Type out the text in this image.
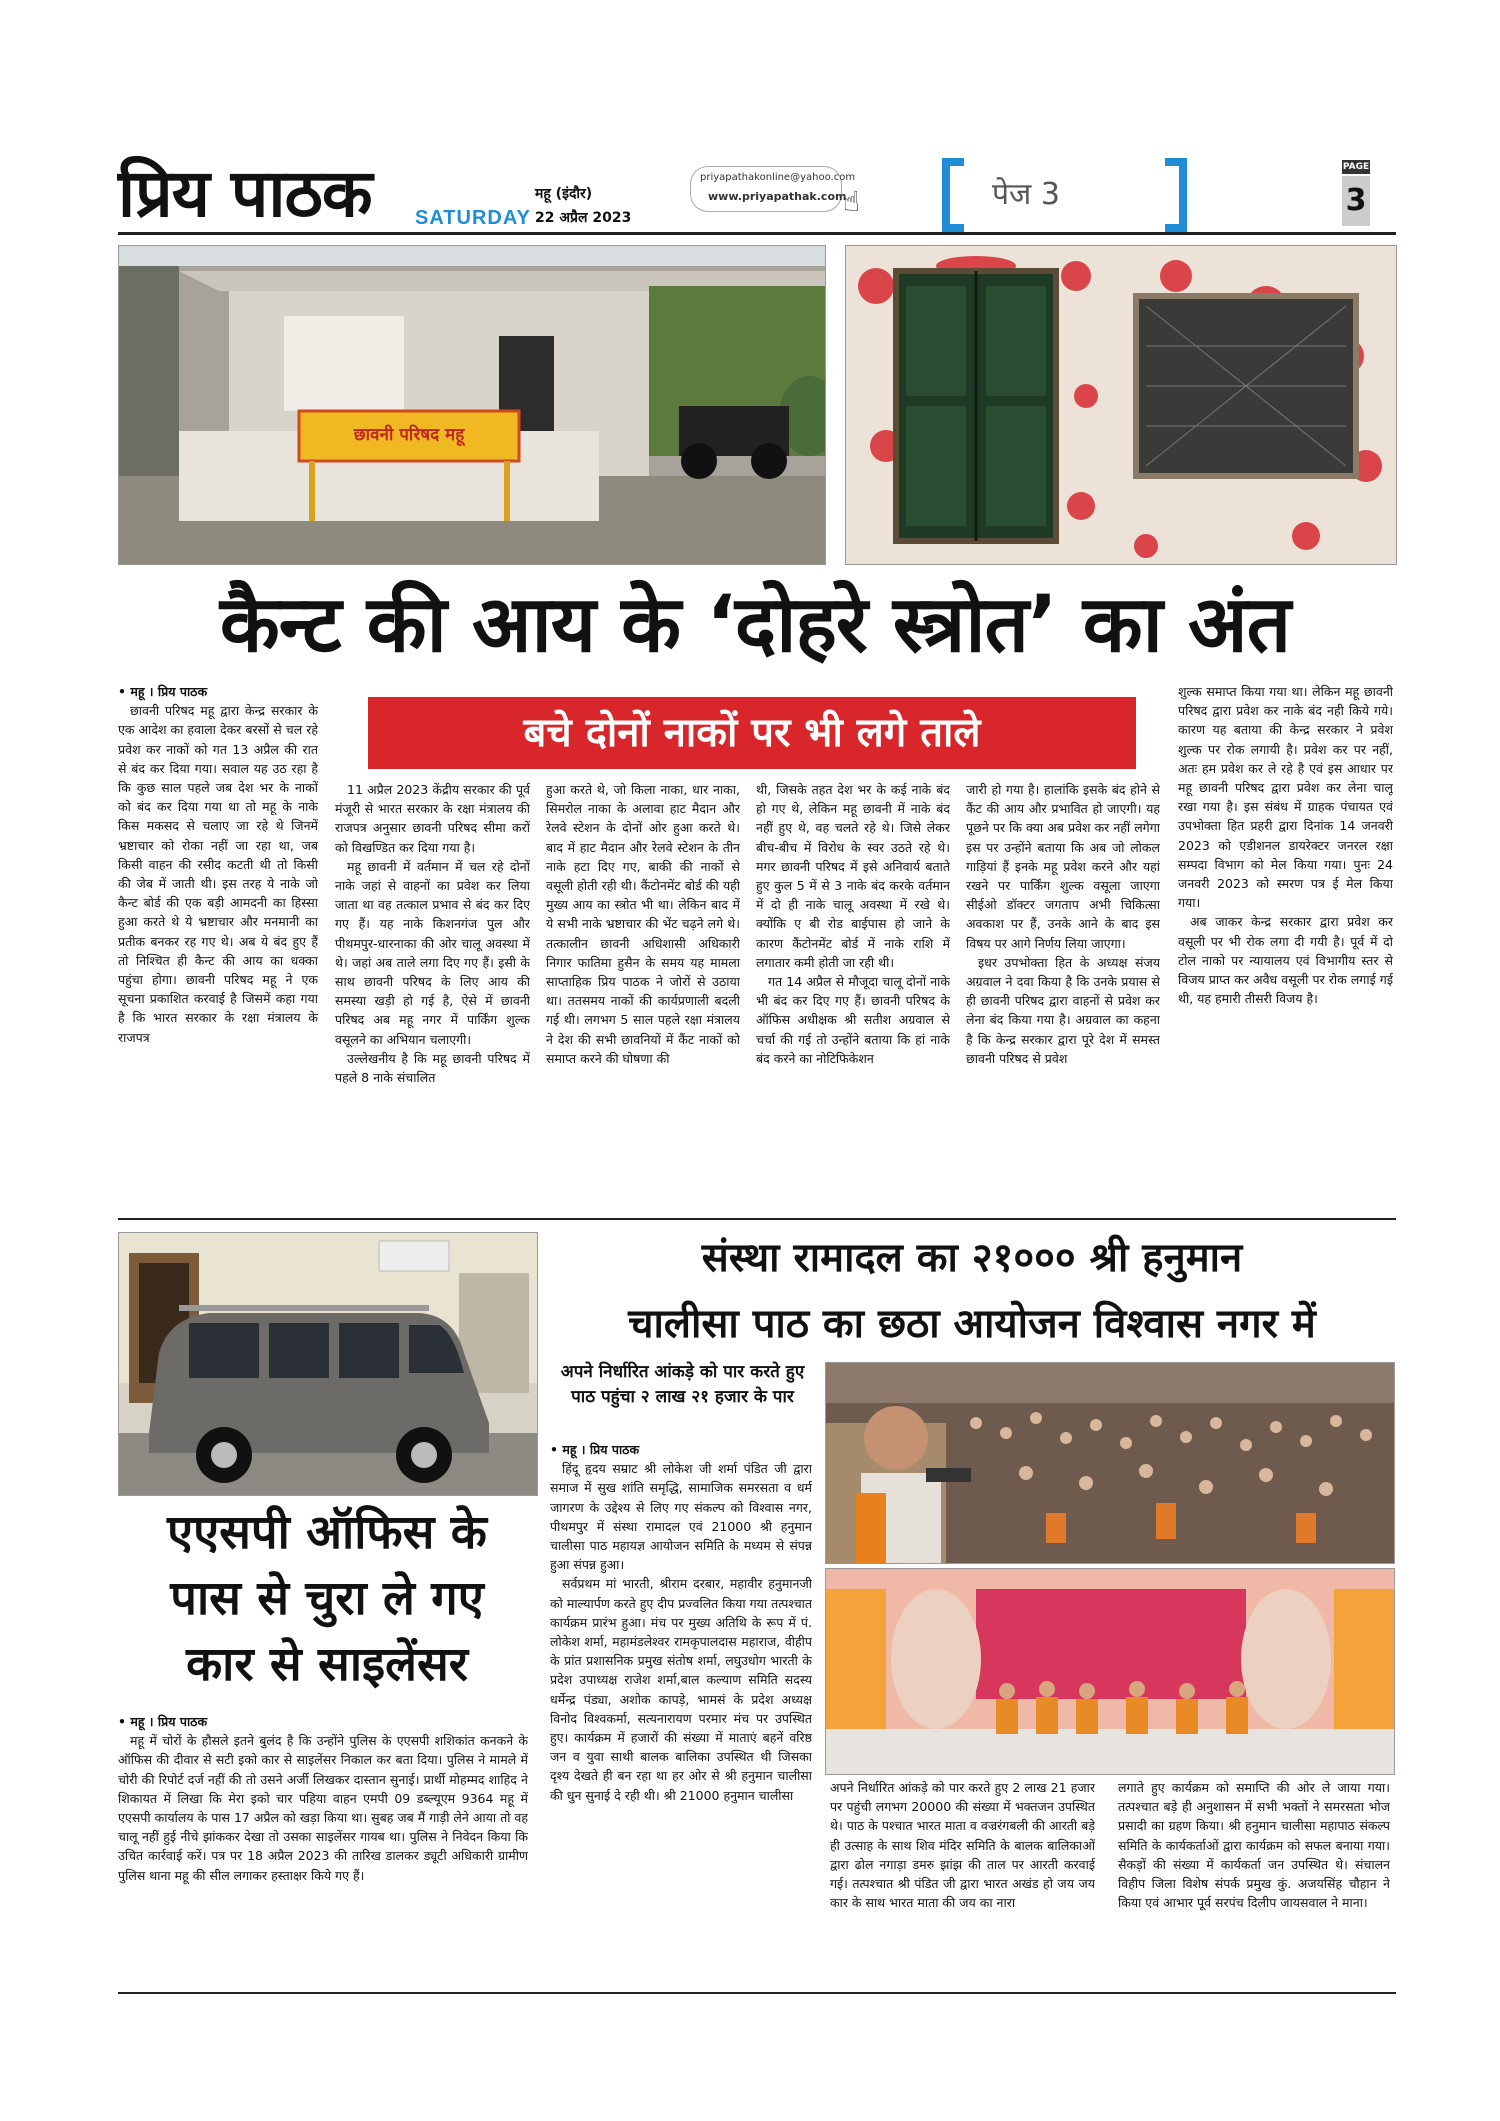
प्रिय पाठक SATURDAY
महू (इंदौर)
22 अप्रैल 2023
priyapathakonline@yahoo.com
www.priyapathak.com
☝	पेज 3
PAGE
3
छावनी परिषद महू
कैन्ट की आय के ‘दोहरे स्त्रोत’ का अंत
बचे दोनों नाकों पर भी लगे ताले
• महू । प्रिय पाठक

छावनी परिषद महू द्वारा केन्द्र सरकार के एक आदेश का हवाला देकर बरसों से चल रहे प्रवेश कर नाकों को गत 13 अप्रैल की रात से बंद कर दिया गया। सवाल यह उठ रहा है कि कुछ साल पहले जब देश भर के नाकों को बंद कर दिया गया था तो महू के नाके किस मकसद से चलाए जा रहे थे जिनमें भ्रष्टाचार को रोका नहीं जा रहा था, जब किसी वाहन की रसीद कटती थी तो किसी की जेब में जाती थी। इस तरह ये नाके जो कैन्ट बोर्ड की एक बड़ी आमदनी का हिस्सा हुआ करते थे ये भ्रष्टाचार और मनमानी का प्रतीक बनकर रह गए थे। अब ये बंद हुए हैं तो निश्चित ही कैन्ट की आय का धक्का पहुंचा होगा। छावनी परिषद महू ने एक सूचना प्रकाशित करवाई है जिसमें कहा गया है कि भारत सरकार के रक्षा मंत्रालय के राजपत्र

11 अप्रैल 2023 केंद्रीय सरकार की पूर्व मंजूरी से भारत सरकार के रक्षा मंत्रालय की राजपत्र अनुसार छावनी परिषद सीमा करों को विखण्डित कर दिया गया है।

महू छावनी में वर्तमान में चल रहे दोनों नाके जहां से वाहनों का प्रवेश कर लिया जाता था वह तत्काल प्रभाव से बंद कर दिए गए हैं। यह नाके किशनगंज पुल और पीथमपुर-धारनाका की ओर चालू अवस्था में थे। जहां अब ताले लगा दिए गए हैं। इसी के साथ छावनी परिषद के लिए आय की समस्या खड़ी हो गई है, ऐसे में छावनी परिषद अब महू नगर में पार्किंग शुल्क वसूलने का अभियान चलाएगी।

उल्लेखनीय है कि महू छावनी परिषद में पहले 8 नाके संचालित

हुआ करते थे, जो किला नाका, धार नाका, सिमरोल नाका के अलावा हाट मैदान और रेलवे स्टेशन के दोनों ओर हुआ करते थे। बाद में हाट मैदान और रेलवे स्टेशन के तीन नाके हटा दिए गए, बाकी की नाकों से वसूली होती रही थी। कैंटोनमेंट बोर्ड की यही मुख्य आय का स्त्रोत भी था। लेकिन बाद में ये सभी नाके भ्रष्टाचार की भेंट चढ़ने लगे थे। तत्कालीन छावनी अधिशासी अधिकारी निगार फातिमा हुसैन के समय यह मामला साप्ताहिक प्रिय पाठक ने जोरों से उठाया था। ततसमय नाकों की कार्यप्रणाली बदली गई थी। लगभग 5 साल पहले रक्षा मंत्रालय ने देश की सभी छावनियों में कैंट नाकों को समाप्त करने की घोषणा की

थी, जिसके तहत देश भर के कई नाके बंद हो गए थे, लेकिन महू छावनी में नाके बंद नहीं हुए थे, वह चलते रहे थे। जिसे लेकर बीच-बीच में विरोध के स्वर उठते रहे थे। मगर छावनी परिषद में इसे अनिवार्य बताते हुए कुल 5 में से 3 नाके बंद करके वर्तमान में दो ही नाके चालू अवस्था में रखे थे। क्योंकि ए बी रोड बाईपास हो जाने के कारण कैंटोनमेंट बोर्ड में नाके राशि में लगातार कमी होती जा रही थी।

गत 14 अप्रैल से मौजूदा चालू दोनों नाके भी बंद कर दिए गए हैं। छावनी परिषद के ऑफिस अधीक्षक श्री सतीश अग्रवाल से चर्चा की गई तो उन्होंने बताया कि हां नाके बंद करने का नोटिफिकेशन

जारी हो गया है। हालांकि इसके बंद होने से कैंट की आय और प्रभावित हो जाएगी। यह पूछने पर कि क्या अब प्रवेश कर नहीं लगेगा इस पर उन्होंने बताया कि अब जो लोकल गाड़ियां हैं इनके महू प्रवेश करने और यहां रखने पर पार्किंग शुल्क वसूला जाएगा सीईओ डॉक्टर जगताप अभी चिकित्सा अवकाश पर हैं, उनके आने के बाद इस विषय पर आगे निर्णय लिया जाएगा।

इधर उपभोक्ता हित के अध्यक्ष संजय अग्रवाल ने दवा किया है कि उनके प्रयास से ही छावनी परिषद द्वारा वाहनों से प्रवेश कर लेना बंद किया गया है। अग्रवाल का कहना है कि केन्द्र सरकार द्वारा पूरे देश में समस्त छावनी परिषद से प्रवेश

शुल्क समाप्त किया गया था। लेकिन महू छावनी परिषद द्वारा प्रवेश कर नाके बंद नही किये गये। कारण यह बताया की केन्द्र सरकार ने प्रवेश शुल्क पर रोक लगायी है। प्रवेश कर पर नहीं, अतः हम प्रवेश कर ले रहे है एवं इस आधार पर महू छावनी परिषद द्वारा प्रवेश कर लेना चालू रखा गया है। इस संबंध में ग्राहक पंचायत एवं उपभोक्ता हित प्रहरी द्वारा दिनांक 14 जनवरी 2023 को एडीशनल डायरेक्टर जनरल रक्षा सम्पदा विभाग को मेल किया गया। पुनः 24 जनवरी 2023 को स्मरण पत्र ई मेल किया गया।

अब जाकर केन्द्र सरकार द्वारा प्रवेश कर वसूली पर भी रोक लगा दी गयी है। पूर्व में दो टोल नाको पर न्यायालय एवं विभागीय स्तर से विजय प्राप्त कर अवैध वसूली पर रोक लगाई गई थी, यह हमारी तीसरी विजय है।

एएसपी ऑफिस के
पास से चुरा ले गए
कार से साइलेंसर
• महू । प्रिय पाठक

महू में चोरों के हौसले इतने बुलंद है कि उन्होंने पुलिस के एएसपी शशिकांत कनकने के ऑफिस की दीवार से सटी इको कार से साइलेंसर निकाल कर बता दिया। पुलिस ने मामले में चोरी की रिपोर्ट दर्ज नहीं की तो उसने अर्जी लिखकर दास्तान सुनाई। प्रार्थी मोहम्मद शाहिद ने शिकायत में लिखा कि मेरा इको चार पहिया वाहन एमपी 09 डब्ल्यूएम 9364 महू में एएसपी कार्यालय के पास 17 अप्रैल को खड़ा किया था। सुबह जब मैं गाड़ी लेने आया तो वह चालू नहीं हुई नीचे झांककर देखा तो उसका साइलेंसर गायब था। पुलिस ने निवेदन किया कि उचित कार्रवाई करें। पत्र पर 18 अप्रैल 2023 की तारिख डालकर ड्यूटी अधिकारी ग्रामीण पुलिस थाना महू की सील लगाकर हस्ताक्षर किये गए हैं।

संस्था रामादल का २१००० श्री हनुमान
चालीसा पाठ का छठा आयोजन विश्वास नगर में
अपने निर्धारित आंकड़े को पार करते हुए पाठ पहुंचा २ लाख २१ हजार के पार
• महू । प्रिय पाठक

हिंदू हृदय सम्राट श्री लोकेश जी शर्मा पंडित जी द्वारा समाज में सुख शांति समृद्धि, सामाजिक समरसता व धर्म जागरण के उद्देश्य से लिए गए संकल्प को विश्वास नगर, पीथमपुर में संस्था रामादल एवं 21000 श्री हनुमान चालीसा पाठ महायज्ञ आयोजन समिति के मध्यम से संपन्न हुआ संपन्न हुआ।

सर्वप्रथम मां भारती, श्रीराम दरबार, महावीर हनुमानजी को माल्यार्पण करते हुए दीप प्रज्वलित किया गया तत्पश्चात कार्यक्रम प्रारंभ हुआ। मंच पर मुख्य अतिथि के रूप में पं. लोकेश शर्मा, महामंडलेश्वर रामकृपालदास महाराज, वीहीप के प्रांत प्रशासनिक प्रमुख संतोष शर्मा, लघुउधोग भारती के प्रदेश उपाध्यक्ष राजेश शर्मा,बाल कल्याण समिति सदस्य धर्मेन्द्र पंड्या, अशोक कापड़े, भामसं के प्रदेश अध्यक्ष विनोद विश्वकर्मा, सत्यनारायण परमार मंच पर उपस्थित हुए। कार्यक्रम में हजारों की संख्या में माताएं बहनें वरिष्ठ जन व युवा साथी बालक बालिका उपस्थित थी जिसका दृश्य देखते ही बन रहा था हर ओर से श्री हनुमान चालीसा की धुन सुनाई दे रही थी। श्री 21000 हनुमान चालीसा

अपने निर्धारित आंकड़े को पार करते हुए 2 लाख 21 हजार पर पहुंची लगभग 20000 की संख्या में भक्तजन उपस्थित थे। पाठ के पश्चात भारत माता व वज्ररंगबली की आरती बड़े ही उत्साह के साथ शिव मंदिर समिति के बालक बालिकाओं द्वारा ढोल नगाड़ा डमरु झांझ की ताल पर आरती करवाई गई। तत्पश्चात श्री पंडित जी द्वारा भारत अखंड हो जय जय कार के साथ भारत माता की जय का नारा

लगाते हुए कार्यक्रम को समाप्ति की ओर ले जाया गया। तत्पश्चात बड़े ही अनुशासन में सभी भक्तों ने समरसता भोज प्रसादी का ग्रहण किया। श्री हनुमान चालीसा महापाठ संकल्प समिति के कार्यकर्ताओं द्वारा कार्यक्रम को सफल बनाया गया। सैकड़ों की संख्या में कार्यकर्ता जन उपस्थित थे। संचालन विहीप जिला विशेष संपर्क प्रमुख कुं. अजयसिंह चौहान ने किया एवं आभार पूर्व सरपंच दिलीप जायसवाल ने माना।
